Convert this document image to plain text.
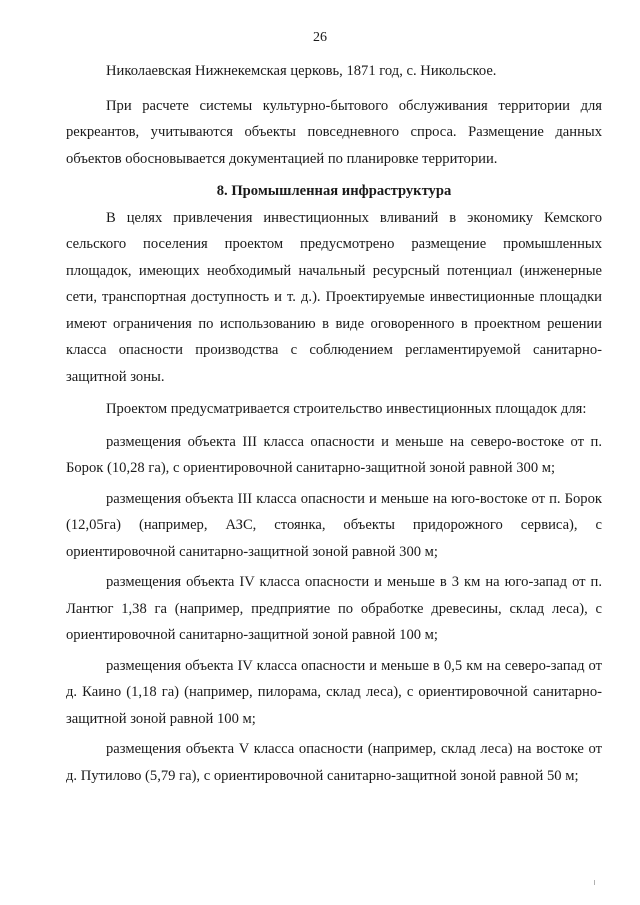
26

Николаевская Нижнекемская церковь, 1871 год, с. Никольское.

При расчете системы культурно-бытового обслуживания территории для рекреантов, учитываются объекты повседневного спроса. Размещение данных объектов обосновывается документацией по планировке территории.

8. Промышленная инфраструктура

В целях привлечения инвестиционных вливаний в экономику Кемского сельского поселения проектом предусмотрено размещение промышленных площадок, имеющих необходимый начальный ресурсный потенциал (инженерные сети, транспортная доступность и т. д.). Проектируемые инвестиционные площадки имеют ограничения по использованию в виде оговоренного в проектном решении класса опасности производства с соблюдением регламентируемой санитарно-защитной зоны.

Проектом предусматривается строительство инвестиционных площадок для:

размещения объекта III класса опасности и меньше на северо-востоке от п. Борок (10,28 га), с ориентировочной санитарно-защитной зоной равной 300 м;

размещения объекта III класса опасности и меньше на юго-востоке от п. Борок (12,05га) (например, АЗС, стоянка, объекты придорожного сервиса), с ориентировочной санитарно-защитной зоной равной 300 м;

размещения объекта IV класса опасности и меньше в 3 км на юго-запад от п. Лантюг 1,38 га (например, предприятие по обработке древесины, склад леса), с ориентировочной санитарно-защитной зоной равной 100 м;

размещения объекта IV класса опасности и меньше в 0,5 км на северо-запад от д. Каино (1,18 га) (например, пилорама, склад леса), с ориентировочной санитарно-защитной зоной равной 100 м;

размещения объекта V класса опасности (например, склад леса) на востоке от д. Путилово (5,79 га), с ориентировочной санитарно-защитной зоной равной 50 м;
